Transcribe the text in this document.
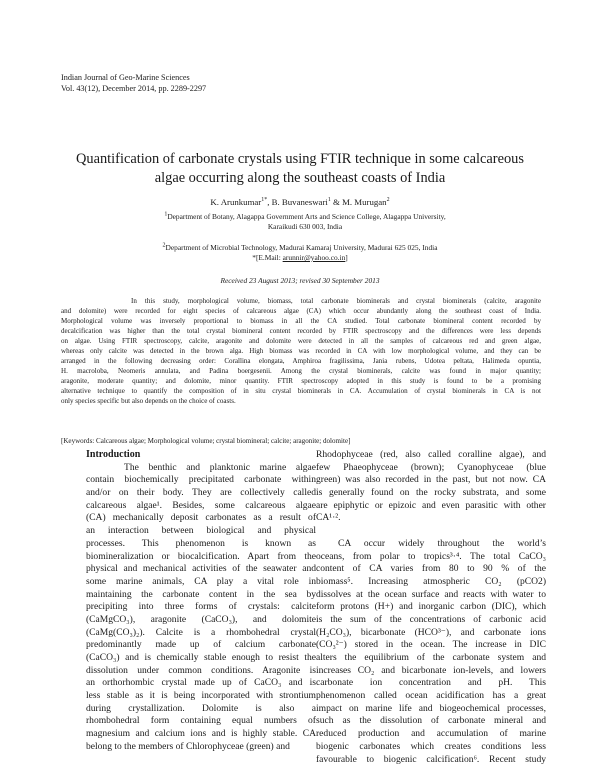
Indian Journal of Geo-Marine Sciences
Vol. 43(12), December 2014, pp. 2289-2297
Quantification of carbonate crystals using FTIR technique in some calcareous
algae occurring along the southeast coasts of India
K. Arunkumar$^{1*}$, B. Buvaneswari$^1$ & M. Murugan$^2$
$^1$Department of Botany, Alagappa Government Arts and Science College, Alagappa University,
Karaikudi 630 003, India
$^2$Department of Microbial Technology, Madurai Kamaraj University, Madurai 625 025, India
*[E.Mail: arunnir@yahoo.co.in]
Received 23 August 2013; revised 30 September 2013
In this study, morphological volume, biomass, total carbonate biominerals and crystal biominerals (calcite, aragonite
and dolomite) were recorded for eight species of calcareous algae (CA) which occur abundantly along the southeast coast of India.
Morphological volume was inversely proportional to biomass in all the CA studied. Total carbonate biomineral content recorded by
decalcification was higher than the total crystal biomineral content recorded by FTIR spectroscopy and the differences were less depends
on algae. Using FTIR spectroscopy, calcite, aragonite and dolomite were detected in all the samples of calcareous red and green algae,
whereas only calcite was detected in the brown alga. High biomass was recorded in CA with low morphological volume, and they can be
arranged in the following decreasing order: Corallina elongata, Amphiroa fragilissima, Jania rubens, Udotea peltata, Halimeda opuntia,
H. macroloba, Neomeris annulata, and Padina boergesenii. Among the crystal biominerals, calcite was found in major quantity;
aragonite, moderate quantity; and dolomite, minor quantity. FTIR spectroscopy adopted in this study is found to be a promising
alternative technique to quantify the composition of in situ crystal biominerals in CA. Accumulation of crystal biominerals in CA is not
only species specific but also depends on the choice of coasts.
[Keywords: Calcareous algae; Morphological volume; crystal biomineral; calcite; aragonite; dolomite]
Introduction
The benthic and planktonic marine algae
contain biochemically precipitated carbonate within
and/or on their body. They are collectively called
calcareous algae¹. Besides, some calcareous algae
(CA) mechanically deposit carbonates as a result of
an interaction between biological and physical
processes. This phenomenon is known as
biomineralization or biocalcification. Apart from the
physical and mechanical activities of the seawater and
some marine animals, CA play a vital role in
maintaining the carbonate content in the sea by
precipiting into three forms of crystals: calcite
(CaMgCO₃), aragonite (CaCO₃), and dolomite
(CaMg(CO₃)₂). Calcite is a rhombohedral crystal
predominantly made up of calcium carbonate
(CaCO₃) and is chemically stable enough to resist the
dissolution under common conditions. Aragonite is
an orthorhombic crystal made up of CaCO₃ and is
less stable as it is being incorporated with strontium
during crystallization. Dolomite is also a
rhombohedral form containing equal numbers of
magnesium and calcium ions and is highly stable. CA
belong to the members of Chlorophyceae (green) and
Rhodophyceae (red, also called coralline algae), and
few Phaeophyceae (brown); Cyanophyceae (blue
green) was also recorded in the past, but not now. CA
is generally found on the rocky substrata, and some
are epiphytic or epizoic and even parasitic with other
CA¹·².
CA occur widely throughout the world’s
oceans, from polar to tropics³·⁴. The total CaCO₃
content of CA varies from 80 to 90 % of the
biomass⁵. Increasing atmospheric CO₂ (pCO2)
dissolves at the ocean surface and reacts with water to
form protons (H+) and inorganic carbon (DIC), which
is the sum of the concentrations of carbonic acid
(H₂CO₃), bicarbonate (HCO³⁻), and carbonate ions
(CO₃²⁻) stored in the ocean. The increase in DIC
alters the equilibrium of the carbonate system and
increases CO₂ and bicarbonate ion-levels, and lowers
carbonate ion concentration and pH. This
phenomenon called ocean acidification has a great
impact on marine life and biogeochemical processes,
such as the dissolution of carbonate mineral and
reduced production and accumulation of marine
biogenic carbonates which creates conditions less
favourable to biogenic calcification⁶. Recent study
